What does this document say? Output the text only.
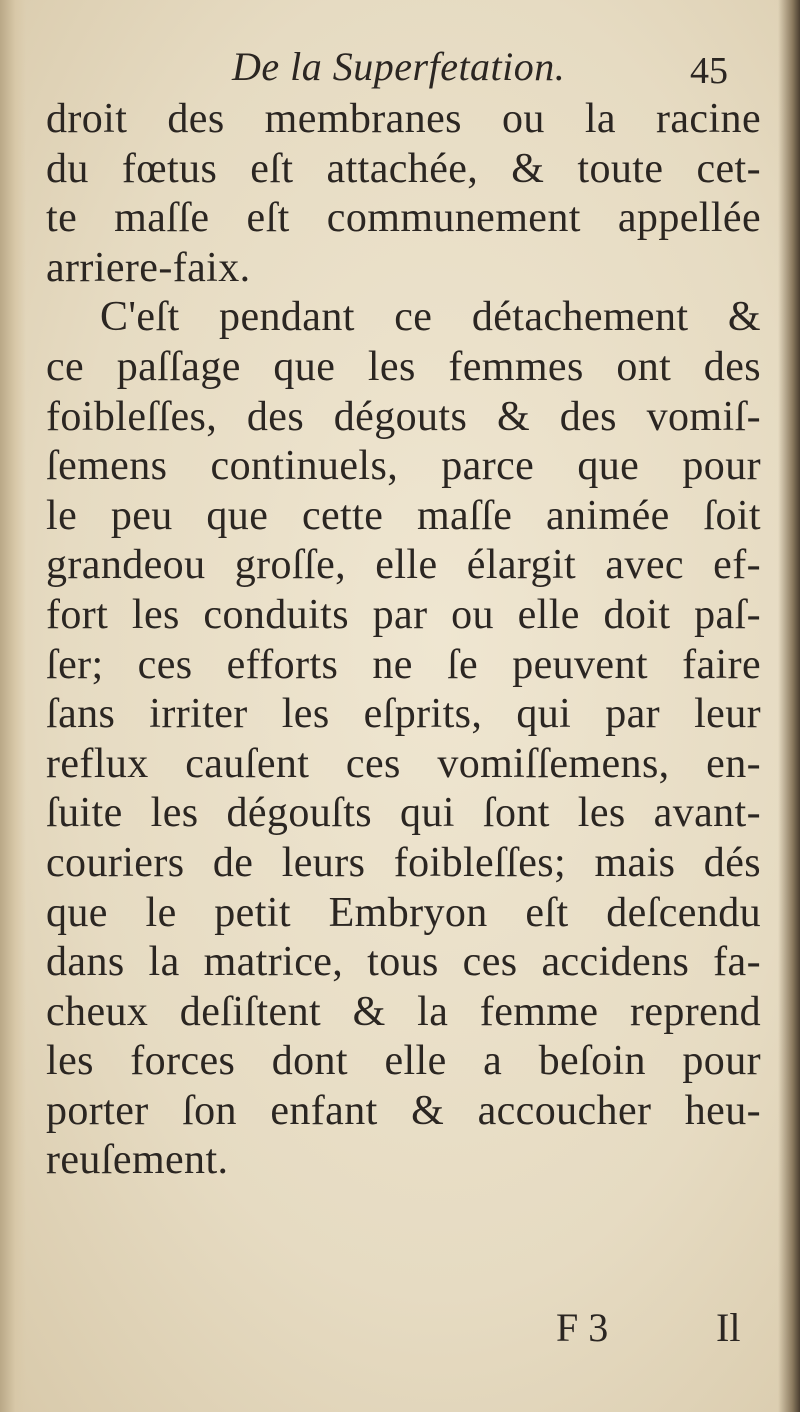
De la Superfetation.	45
droit des membranes ou la racine
du fœtus eſt attachée, & toute cet-
te maſſe eſt communement appellée
arriere-faix.
C'eſt pendant ce détachement &
ce paſſage que les femmes ont des
foibleſſes, des dégouts & des vomiſ-
ſemens continuels, parce que pour
le peu que cette maſſe animée ſoit
grandeou groſſe, elle élargit avec ef-
fort les conduits par ou elle doit paſ-
ſer; ces efforts ne ſe peuvent faire
ſans irriter les eſprits, qui par leur
reflux cauſent ces vomiſſemens, en-
ſuite les dégouſts qui ſont les avant-
couriers de leurs foibleſſes; mais dés
que le petit Embryon eſt deſcendu
dans la matrice, tous ces accidens fa-
cheux deſiſtent & la femme reprend
les forces dont elle a beſoin pour
porter ſon enfant & accoucher heu-
reuſement.
F 3	Il
